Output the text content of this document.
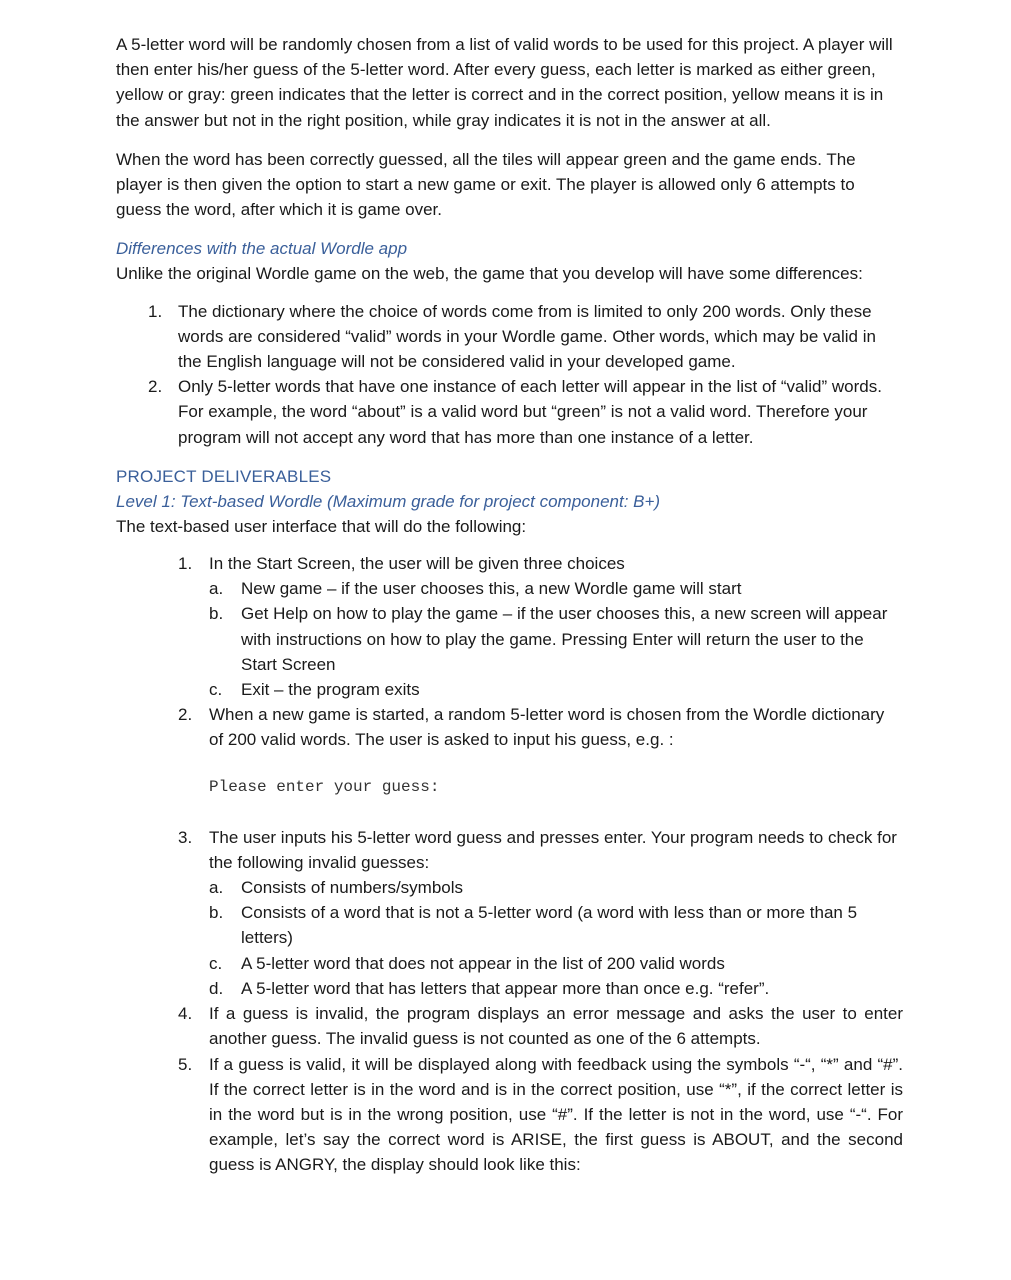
A 5-letter word will be randomly chosen from a list of valid words to be used for this project. A player will then enter his/her guess of the 5-letter word. After every guess, each letter is marked as either green, yellow or gray: green indicates that the letter is correct and in the correct position, yellow means it is in the answer but not in the right position, while gray indicates it is not in the answer at all.

When the word has been correctly guessed, all the tiles will appear green and the game ends. The player is then given the option to start a new game or exit. The player is allowed only 6 attempts to guess the word, after which it is game over.

Differences with the actual Wordle app

Unlike the original Wordle game on the web, the game that you develop will have some differences:

1. The dictionary where the choice of words come from is limited to only 200 words. Only these words are considered “valid” words in your Wordle game. Other words, which may be valid in the English language will not be considered valid in your developed game.
2. Only 5-letter words that have one instance of each letter will appear in the list of “valid” words. For example, the word “about” is a valid word but “green” is not a valid word. Therefore your program will not accept any word that has more than one instance of a letter.

PROJECT DELIVERABLES

Level 1: Text-based Wordle (Maximum grade for project component: B+)

The text-based user interface that will do the following:

1. In the Start Screen, the user will be given three choices
a. New game – if the user chooses this, a new Wordle game will start
b. Get Help on how to play the game – if the user chooses this, a new screen will appear with instructions on how to play the game. Pressing Enter will return the user to the Start Screen
c. Exit – the program exits
2. When a new game is started, a random 5-letter word is chosen from the Wordle dictionary of 200 valid words. The user is asked to input his guess, e.g. :
Please enter your guess:
3. The user inputs his 5-letter word guess and presses enter. Your program needs to check for the following invalid guesses:
a. Consists of numbers/symbols
b. Consists of a word that is not a 5-letter word (a word with less than or more than 5 letters)
c. A 5-letter word that does not appear in the list of 200 valid words
d. A 5-letter word that has letters that appear more than once e.g. “refer”.
4. If a guess is invalid, the program displays an error message and asks the user to enter another guess. The invalid guess is not counted as one of the 6 attempts.
5. If a guess is valid, it will be displayed along with feedback using the symbols “-“, “*” and “#”. If the correct letter is in the word and is in the correct position, use “*”, if the correct letter is in the word but is in the wrong position, use “#”. If the letter is not in the word, use “-“. For example, let’s say the correct word is ARISE, the first guess is ABOUT, and the second guess is ANGRY, the display should look like this:
